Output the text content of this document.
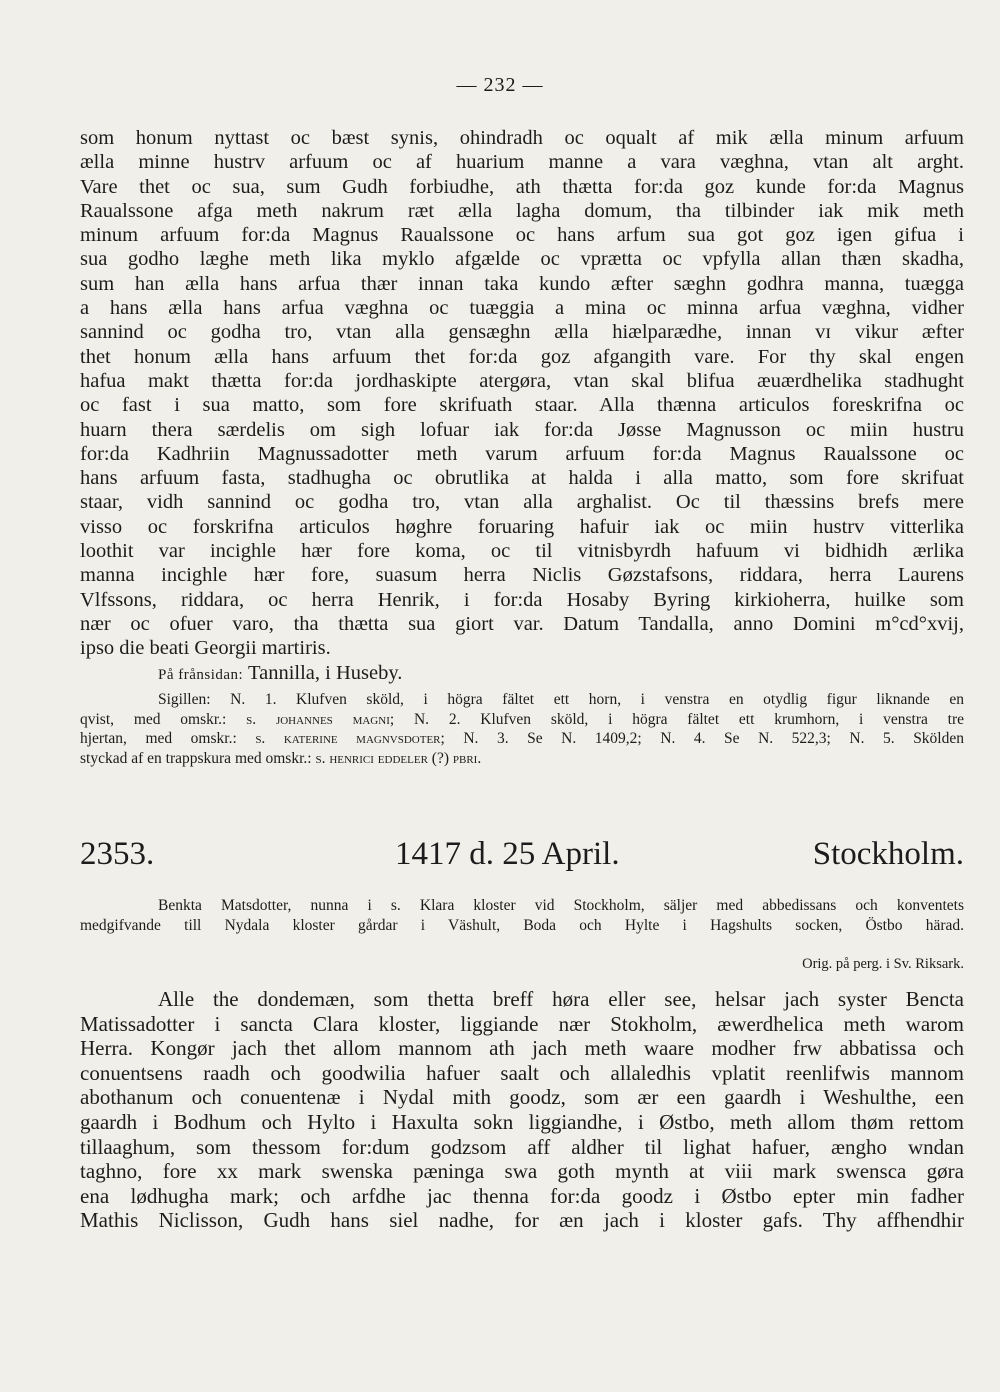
— 232 —
som honum nyttast oc bæst synis, ohindradh oc oqualt af mik ælla minum arfuum
ælla minne hustrv arfuum oc af huarium manne a vara væghna, vtan alt arght.
Vare thet oc sua, sum Gudh forbiudhe, ath thætta for:da goz kunde for:da Magnus
Raualssone afga meth nakrum ræt ælla lagha domum, tha tilbinder iak mik meth
minum arfuum for:da Magnus Raualssone oc hans arfum sua got goz igen gifua i
sua godho læghe meth lika myklo afgælde oc vprætta oc vpfylla allan thæn skadha,
sum han ælla hans arfua thær innan taka kundo æfter sæghn godhra manna, tuægga
a hans ælla hans arfua væghna oc tuæggia a mina oc minna arfua væghna, vidher
sannind oc godha tro, vtan alla gensæghn ælla hiælparædhe, innan vɪ vikur æfter
thet honum ælla hans arfuum thet for:da goz afgangith vare. For thy skal engen
hafua makt thætta for:da jordhaskipte atergøra, vtan skal blifua æuærdhelika stadhught
oc fast i sua matto, som fore skrifuath staar. Alla thænna articulos foreskrifna oc
huarn thera særdelis om sigh lofuar iak for:da Jøsse Magnusson oc miin hustru
for:da Kadhriin Magnussadotter meth varum arfuum for:da Magnus Raualssone oc
hans arfuum fasta, stadhugha oc obrutlika at halda i alla matto, som fore skrifuat
staar, vidh sannind oc godha tro, vtan alla arghalist. Oc til thæssins brefs mere
visso oc forskrifna articulos høghre foruaring hafuir iak oc miin hustrv vitterlika
loothit var incighle hær fore koma, oc til vitnisbyrdh hafuum vi bidhidh ærlika
manna incighle hær fore, suasum herra Niclis Gøzstafsons, riddara, herra Laurens
Vlfssons, riddara, oc herra Henrik, i for:da Hosaby Byring kirkioherra, huilke som
nær oc ofuer varo, tha thætta sua giort var. Datum Tandalla, anno Domini m°cd°xvij,
ipso die beati Georgii martiris.
På frånsidan: Tannilla, i Huseby.
Sigillen: N. 1. Klufven sköld, i högra fältet ett horn, i venstra en otydlig figur liknande en
qvist, med omskr.: s. johannes magni; N. 2. Klufven sköld, i högra fältet ett krumhorn, i venstra tre
hjertan, med omskr.: s. katerine magnvsdoter; N. 3. Se N. 1409,2; N. 4. Se N. 522,3; N. 5. Skölden
styckad af en trappskura med omskr.: s. henrici eddeler (?) pbri.
2353.	1417 d. 25 April.	Stockholm.
Benkta Matsdotter, nunna i s. Klara kloster vid Stockholm, säljer med abbedissans och konventets
medgifvande till Nydala kloster gårdar i Väshult, Boda och Hylte i Hagshults socken, Östbo härad.
Orig. på perg. i Sv. Riksark.
Alle the dondemæn, som thetta breff høra eller see, helsar jach syster Bencta
Matissadotter i sancta Clara kloster, liggiande nær Stokholm, æwerdhelica meth warom
Herra. Kongør jach thet allom mannom ath jach meth waare modher frw abbatissa och
conuentsens raadh och goodwilia hafuer saalt och allaledhis vplatit reenlifwis mannom
abothanum och conuentenæ i Nydal mith goodz, som ær een gaardh i Weshulthe, een
gaardh i Bodhum och Hylto i Haxulta sokn liggiandhe, i Østbo, meth allom thøm rettom
tillaaghum, som thessom for:dum godzsom aff aldher til lighat hafuer, ængho wndan
taghno, fore xx mark swenska pæninga swa goth mynth at viii mark swensca gøra
ena lødhugha mark; och arfdhe jac thenna for:da goodz i Østbo epter min fadher
Mathis Niclisson, Gudh hans siel nadhe, for æn jach i kloster gafs. Thy affhendhir
